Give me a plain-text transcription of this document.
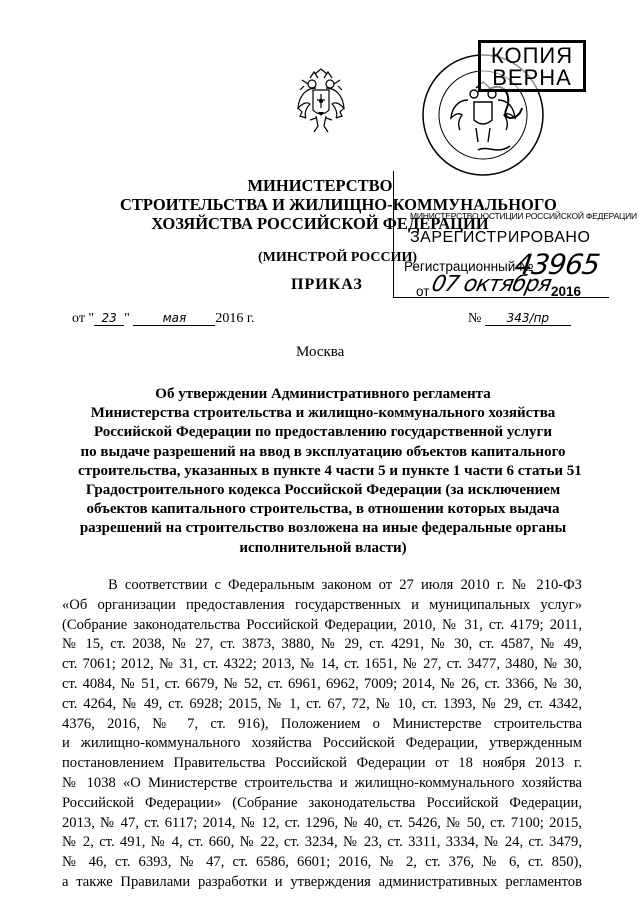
КОПИЯ ВЕРНА
МИНИСТЕРСТВО
СТРОИТЕЛЬСТВА И ЖИЛИЩНО-КОММУНАЛЬНОГО
ХОЗЯЙСТВА РОССИЙСКОЙ ФЕДЕРАЦИИ
МИНИСТЕРСТВО ЮСТИЦИИ РОССИЙСКОЙ ФЕДЕРАЦИИ
ЗАРЕГИСТРИРОВАНО
Регистрационный №
43965
от 07 октября
2016
(МИНСТРОЙ РОССИИ)
ПРИКАЗ
от " 23 "	мая 2016 г.	№ 343/пр
Москва
Об утверждении Административного регламента
Министерства строительства и жилищно-коммунального хозяйства
Российской Федерации по предоставлению государственной услуги
по выдаче разрешений на ввод в эксплуатацию объектов капитального
строительства, указанных в пункте 4 части 5 и пункте 1 части 6 статьи 51
Градостроительного кодекса Российской Федерации (за исключением
объектов капитального строительства, в отношении которых выдача
разрешений на строительство возложена на иные федеральные органы
исполнительной власти)
В соответствии с Федеральным законом от 27 июля 2010 г. № 210-ФЗ
«Об организации предоставления государственных и муниципальных услуг»
(Собрание законодательства Российской Федерации, 2010, № 31, ст. 4179; 2011,
№ 15, ст. 2038, № 27, ст. 3873, 3880, № 29, ст. 4291, № 30, ст. 4587, № 49,
ст. 7061; 2012, № 31, ст. 4322; 2013, № 14, ст. 1651, № 27, ст. 3477, 3480, № 30,
ст. 4084, № 51, ст. 6679, № 52, ст. 6961, 6962, 7009; 2014, № 26, ст. 3366, № 30,
ст. 4264, № 49, ст. 6928; 2015, № 1, ст. 67, 72, № 10, ст. 1393, № 29, ст. 4342,
4376, 2016, № 7, ст. 916), Положением о Министерстве строительства
и жилищно-коммунального хозяйства Российской Федерации, утвержденным
постановлением Правительства Российской Федерации от 18 ноября 2013 г.
№ 1038 «О Министерстве строительства и жилищно-коммунального хозяйства
Российской Федерации» (Собрание законодательства Российской Федерации,
2013, № 47, ст. 6117; 2014, № 12, ст. 1296, № 40, ст. 5426, № 50, ст. 7100; 2015,
№ 2, ст. 491, № 4, ст. 660, № 22, ст. 3234, № 23, ст. 3311, 3334, № 24, ст. 3479,
№ 46, ст. 6393, № 47, ст. 6586, 6601; 2016, № 2, ст. 376, № 6, ст. 850),
а также Правилами разработки и утверждения административных регламентов
